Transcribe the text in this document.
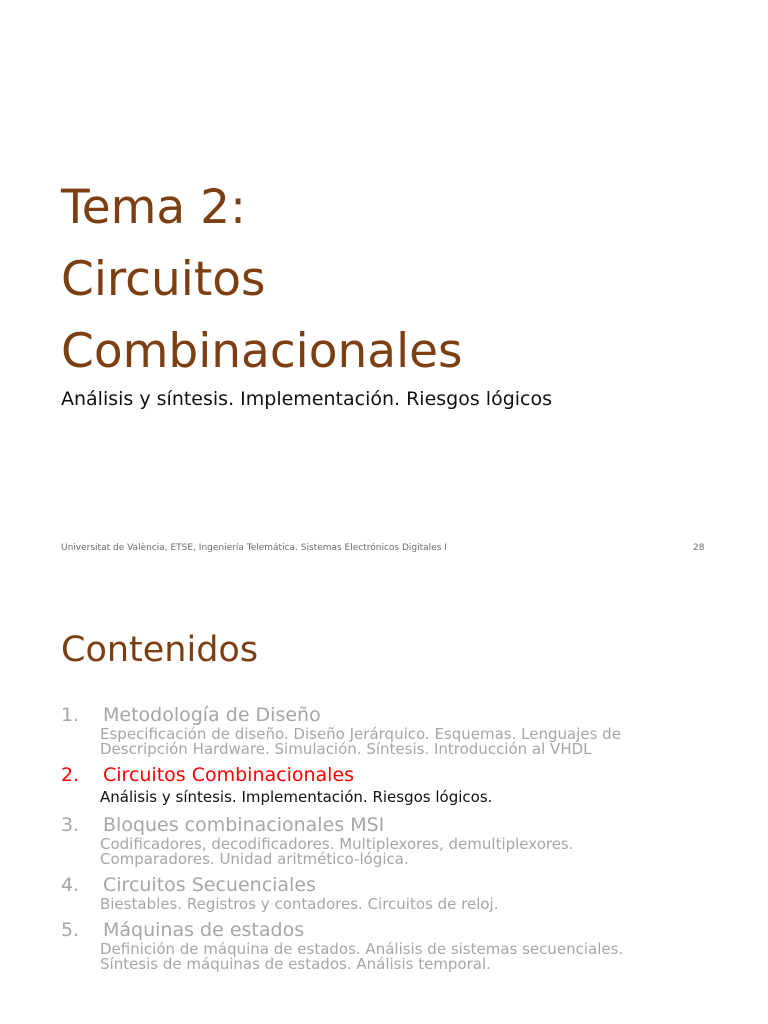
Tema 2:
Circuitos
Combinacionales

Análisis y síntesis. Implementación. Riesgos lógicos

Universitat de València, ETSE, Ingeniería Telemática. Sistemas Electrónicos Digitales I	28
Contenidos
1. Metodología de Diseño
Especificación de diseño. Diseño Jerárquico. Esquemas. Lenguajes de
Descripción Hardware. Simulación. Síntesis. Introducción al VHDL
2. Circuitos Combinacionales
Análisis y síntesis. Implementación. Riesgos lógicos.
3. Bloques combinacionales MSI
Codificadores, decodificadores. Multiplexores, demultiplexores.
Comparadores. Unidad aritmético-lógica.
4. Circuitos Secuenciales
Biestables. Registros y contadores. Circuitos de reloj.
5. Máquinas de estados
Definición de máquina de estados. Análisis de sistemas secuenciales.
Síntesis de máquinas de estados. Análisis temporal.
